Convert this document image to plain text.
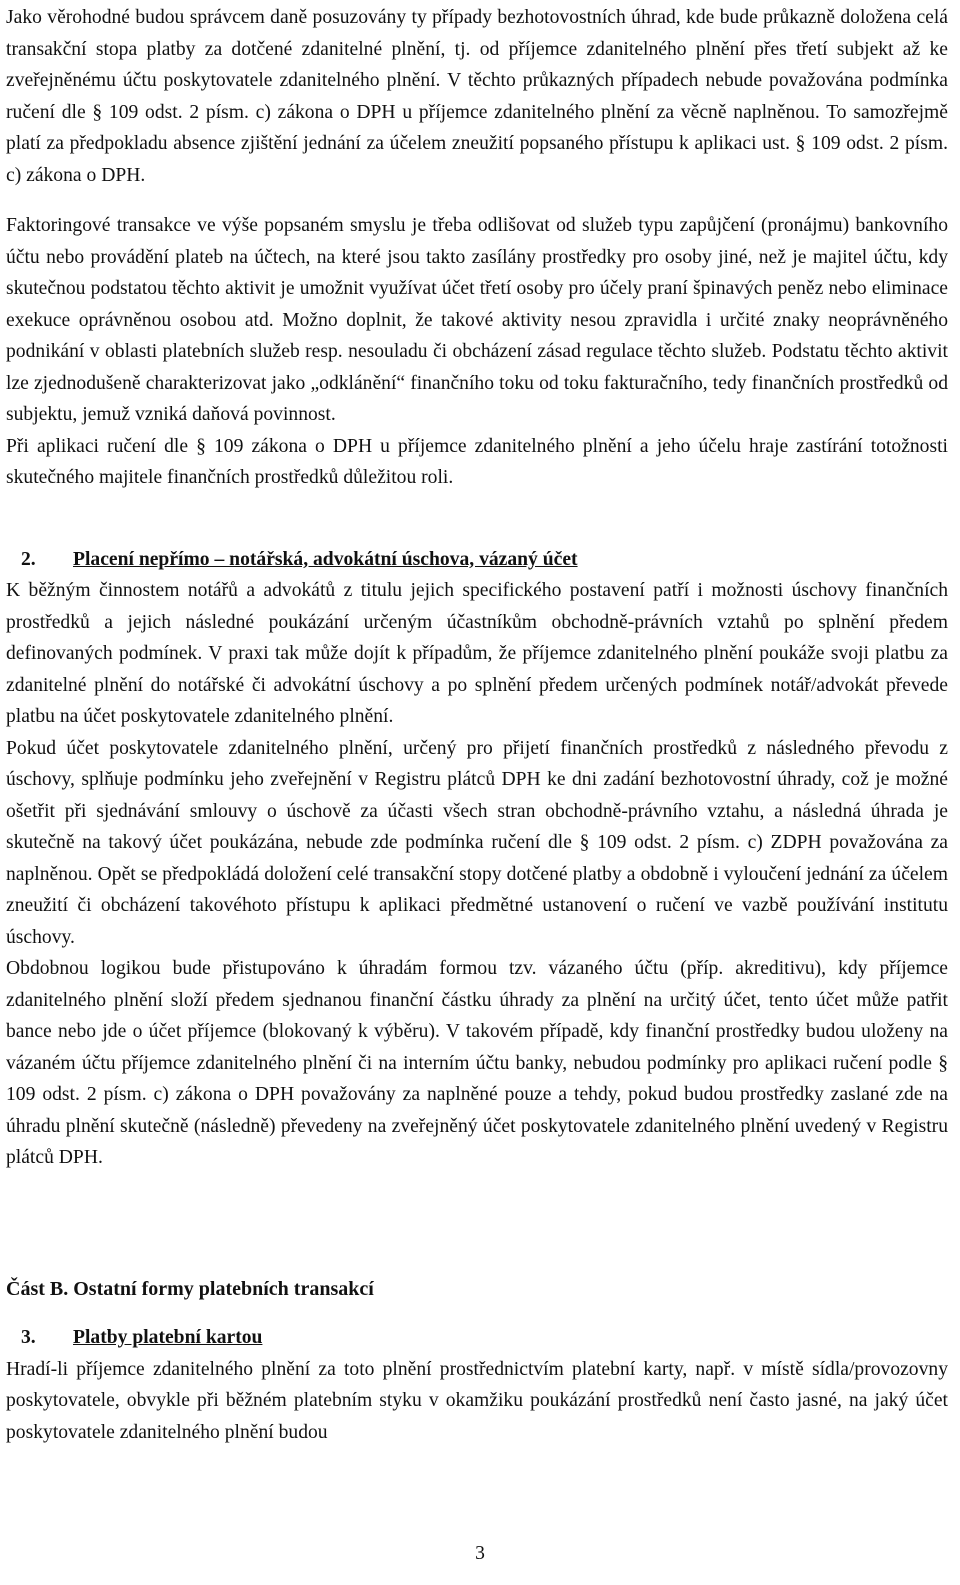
Jako věrohodné budou správcem daně posuzovány ty případy bezhotovostních úhrad, kde bude průkazně doložena celá transakční stopa platby za dotčené zdanitelné plnění, tj. od příjemce zdanitelného plnění přes třetí subjekt až ke zveřejněnému účtu poskytovatele zdanitelného plnění. V těchto průkazných případech nebude považována podmínka ručení dle § 109 odst. 2 písm. c) zákona o DPH u příjemce zdanitelného plnění za věcně naplněnou. To samozřejmě platí za předpokladu absence zjištění jednání za účelem zneužití popsaného přístupu k aplikaci ust. § 109 odst. 2 písm. c) zákona o DPH.

Faktoringové transakce ve výše popsaném smyslu je třeba odlišovat od služeb typu zapůjčení (pronájmu) bankovního účtu nebo provádění plateb na účtech, na které jsou takto zasílány prostředky pro osoby jiné, než je majitel účtu, kdy skutečnou podstatou těchto aktivit je umožnit využívat účet třetí osoby pro účely praní špinavých peněz nebo eliminace exekuce oprávněnou osobou atd. Možno doplnit, že takové aktivity nesou zpravidla i určité znaky neoprávněného podnikání v oblasti platebních služeb resp. nesouladu či obcházení zásad regulace těchto služeb. Podstatu těchto aktivit lze zjednodušeně charakterizovat jako „odklánění“ finančního toku od toku fakturačního, tedy finančních prostředků od subjektu, jemuž vzniká daňová povinnost.

Při aplikaci ručení dle § 109 zákona o DPH u příjemce zdanitelného plnění a jeho účelu hraje zastírání totožnosti skutečného majitele finančních prostředků důležitou roli.

2. Placení nepřímo – notářská, advokátní úschova, vázaný účet

K běžným činnostem notářů a advokátů z titulu jejich specifického postavení patří i možnosti úschovy finančních prostředků a jejich následné poukázání určeným účastníkům obchodně-právních vztahů po splnění předem definovaných podmínek. V praxi tak může dojít k případům, že příjemce zdanitelného plnění poukáže svoji platbu za zdanitelné plnění do notářské či advokátní úschovy a po splnění předem určených podmínek notář/advokát převede platbu na účet poskytovatele zdanitelného plnění.

Pokud účet poskytovatele zdanitelného plnění, určený pro přijetí finančních prostředků z následného převodu z úschovy, splňuje podmínku jeho zveřejnění v Registru plátců DPH ke dni zadání bezhotovostní úhrady, což je možné ošetřit při sjednávání smlouvy o úschově za účasti všech stran obchodně-právního vztahu, a následná úhrada je skutečně na takový účet poukázána, nebude zde podmínka ručení dle § 109 odst. 2 písm. c) ZDPH považována za naplněnou. Opět se předpokládá doložení celé transakční stopy dotčené platby a obdobně i vyloučení jednání za účelem zneužití či obcházení takovéhoto přístupu k aplikaci předmětné ustanovení o ručení ve vazbě používání institutu úschovy.

Obdobnou logikou bude přistupováno k úhradám formou tzv. vázaného účtu (příp. akreditivu), kdy příjemce zdanitelného plnění složí předem sjednanou finanční částku úhrady za plnění na určitý účet, tento účet může patřit bance nebo jde o účet příjemce (blokovaný k výběru). V takovém případě, kdy finanční prostředky budou uloženy na vázaném účtu příjemce zdanitelného plnění či na interním účtu banky, nebudou podmínky pro aplikaci ručení podle § 109 odst. 2 písm. c) zákona o DPH považovány za naplněné pouze a tehdy, pokud budou prostředky zaslané zde na úhradu plnění skutečně (následně) převedeny na zveřejněný účet poskytovatele zdanitelného plnění uvedený v Registru plátců DPH.

Část B. Ostatní formy platebních transakcí
3. Platby platební kartou

Hradí-li příjemce zdanitelného plnění za toto plnění prostřednictvím platební karty, např. v místě sídla/provozovny poskytovatele, obvykle při běžném platebním styku v okamžiku poukázání prostředků není často jasné, na jaký účet poskytovatele zdanitelného plnění budou

3
